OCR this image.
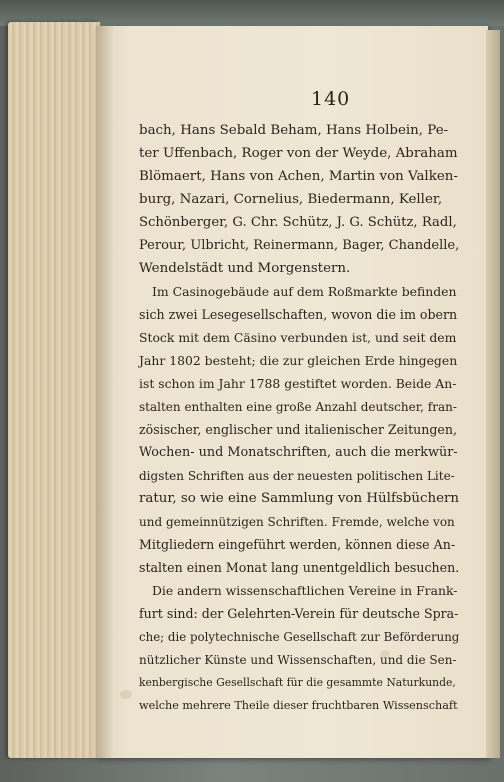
140
bach, Hans Sebald Beham, Hans Holbein, Pe-
ter Uffenbach, Roger von der Weyde, Abraham
Blömaert, Hans von Achen, Martin von Valken-
burg, Nazari, Cornelius, Biedermann, Keller,
Schönberger, G. Chr. Schütz, J. G. Schütz, Radl,
Perour, Ulbricht, Reinermann, Bager, Chandelle,
Wendelstädt und Morgenstern.
Im Casinogebäude auf dem Roßmarkte befinden
sich zwei Lesegesellschaften, wovon die im obern
Stock mit dem Cäsino verbunden ist, und seit dem
Jahr 1802 besteht; die zur gleichen Erde hingegen
ist schon im Jahr 1788 gestiftet worden. Beide An-
stalten enthalten eine große Anzahl deutscher, fran-
zösischer, englischer und italienischer Zeitungen,
Wochen- und Monatschriften, auch die merkwür-
digsten Schriften aus der neuesten politischen Lite-
ratur, so wie eine Sammlung von Hülfsbüchern
und gemeinnützigen Schriften. Fremde, welche von
Mitgliedern eingeführt werden, können diese An-
stalten einen Monat lang unentgeldlich besuchen.
Die andern wissenschaftlichen Vereine in Frank-
furt sind: der Gelehrten-Verein für deutsche Spra-
che; die polytechnische Gesellschaft zur Beförderung
nützlicher Künste und Wissenschaften, und die Sen-
kenbergische Gesellschaft für die gesammte Naturkunde,
welche mehrere Theile dieser fruchtbaren Wissenschaft
